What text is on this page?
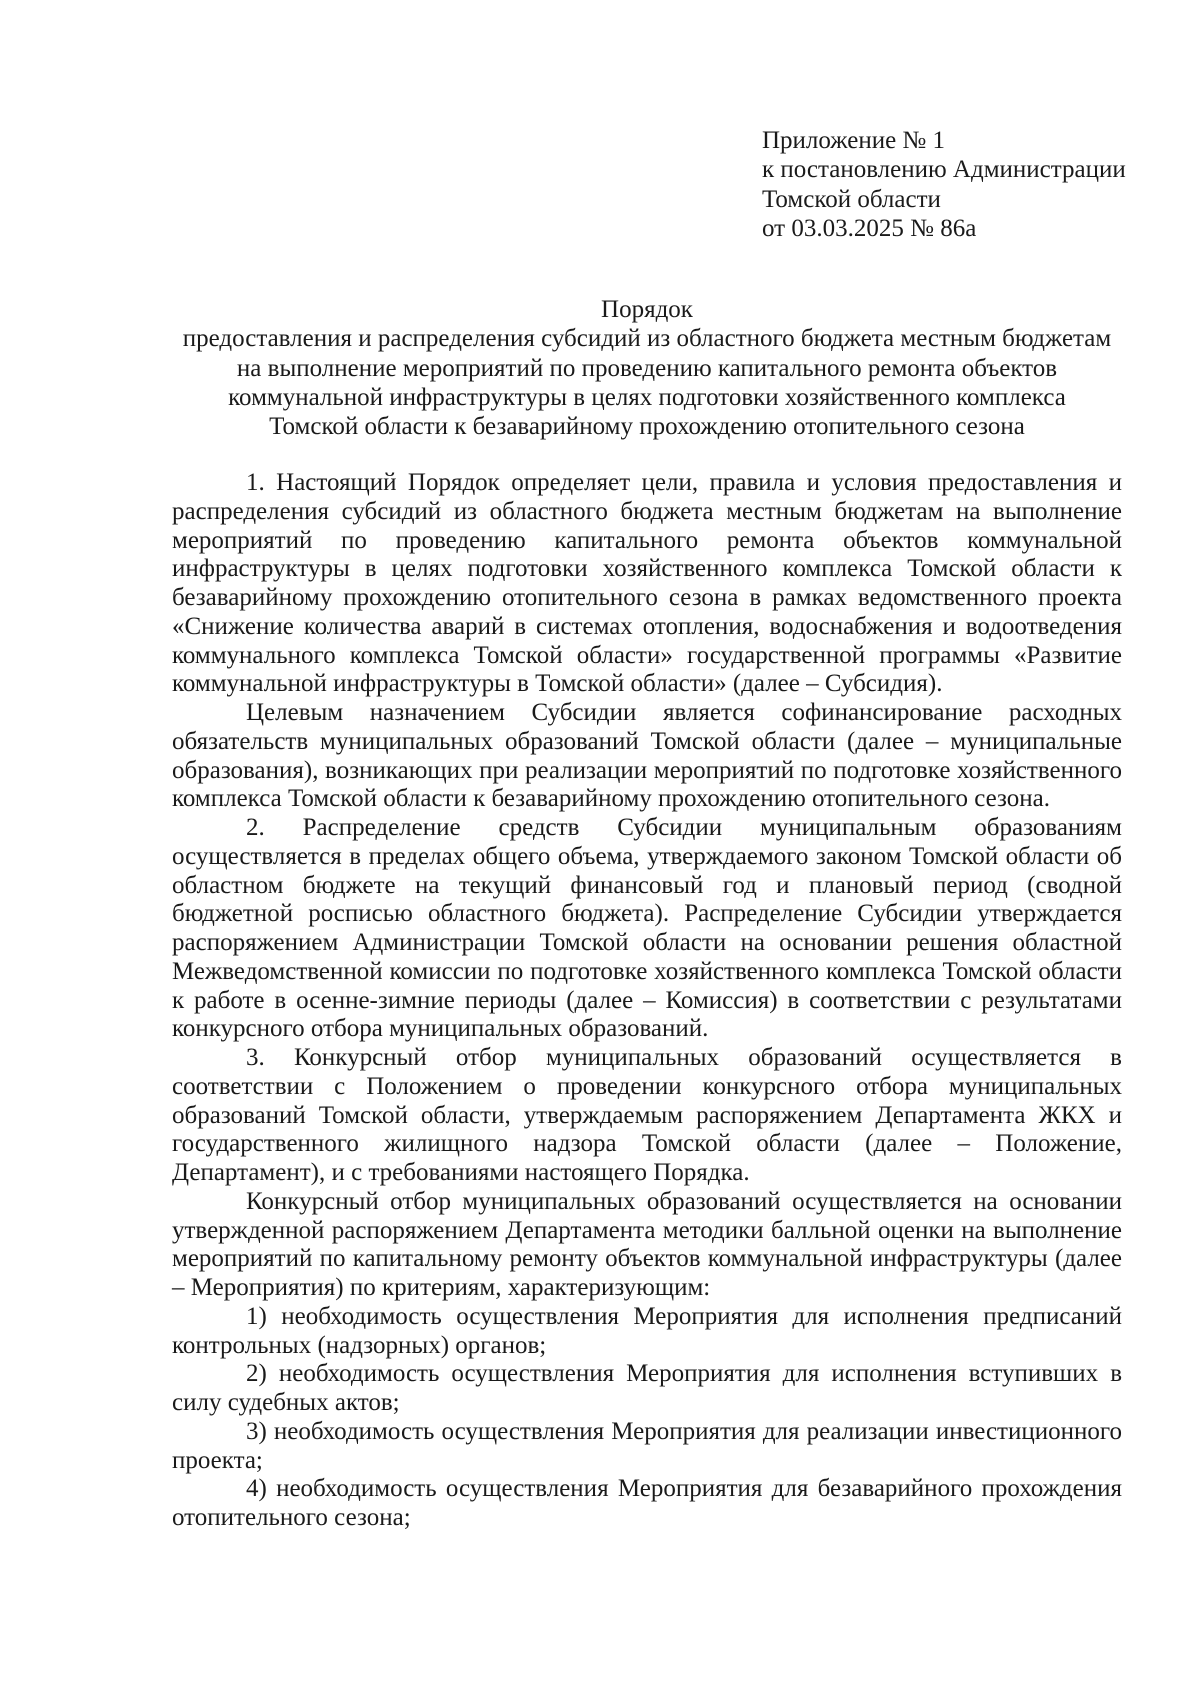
Приложение № 1
к постановлению Администрации
Томской области
от 03.03.2025 № 86а
Порядок
предоставления и распределения субсидий из областного бюджета местным бюджетам
на выполнение мероприятий по проведению капитального ремонта объектов
коммунальной инфраструктуры в целях подготовки хозяйственного комплекса
Томской области к безаварийному прохождению отопительного сезона

1. Настоящий Порядок определяет цели, правила и условия предоставления и распределения субсидий из областного бюджета местным бюджетам на выполнение мероприятий по проведению капитального ремонта объектов коммунальной инфраструктуры в целях подготовки хозяйственного комплекса Томской области к безаварийному прохождению отопительного сезона в рамках ведомственного проекта «Снижение количества аварий в системах отопления, водоснабжения и водоотведения коммунального комплекса Томской области» государственной программы «Развитие коммунальной инфраструктуры в Томской области» (далее – Субсидия).

Целевым назначением Субсидии является софинансирование расходных обязательств муниципальных образований Томской области (далее – муниципальные образования), возникающих при реализации мероприятий по подготовке хозяйственного комплекса Томской области к безаварийному прохождению отопительного сезона.

2. Распределение средств Субсидии муниципальным образованиям осуществляется в пределах общего объема, утверждаемого законом Томской области об областном бюджете на текущий финансовый год и плановый период (сводной бюджетной росписью областного бюджета). Распределение Субсидии утверждается распоряжением Администрации Томской области на основании решения областной Межведомственной комиссии по подготовке хозяйственного комплекса Томской области к работе в осенне-зимние периоды (далее – Комиссия) в соответствии с результатами конкурсного отбора муниципальных образований.

3. Конкурсный отбор муниципальных образований осуществляется в соответствии с Положением о проведении конкурсного отбора муниципальных образований Томской области, утверждаемым распоряжением Департамента ЖКХ и государственного жилищного надзора Томской области (далее – Положение, Департамент), и с требованиями настоящего Порядка.

Конкурсный отбор муниципальных образований осуществляется на основании утвержденной распоряжением Департамента методики балльной оценки на выполнение мероприятий по капитальному ремонту объектов коммунальной инфраструктуры (далее – Мероприятия) по критериям, характеризующим:

1) необходимость осуществления Мероприятия для исполнения предписаний контрольных (надзорных) органов;

2) необходимость осуществления Мероприятия для исполнения вступивших в силу судебных актов;

3) необходимость осуществления Мероприятия для реализации инвестиционного проекта;

4) необходимость осуществления Мероприятия для безаварийного прохождения отопительного сезона;
